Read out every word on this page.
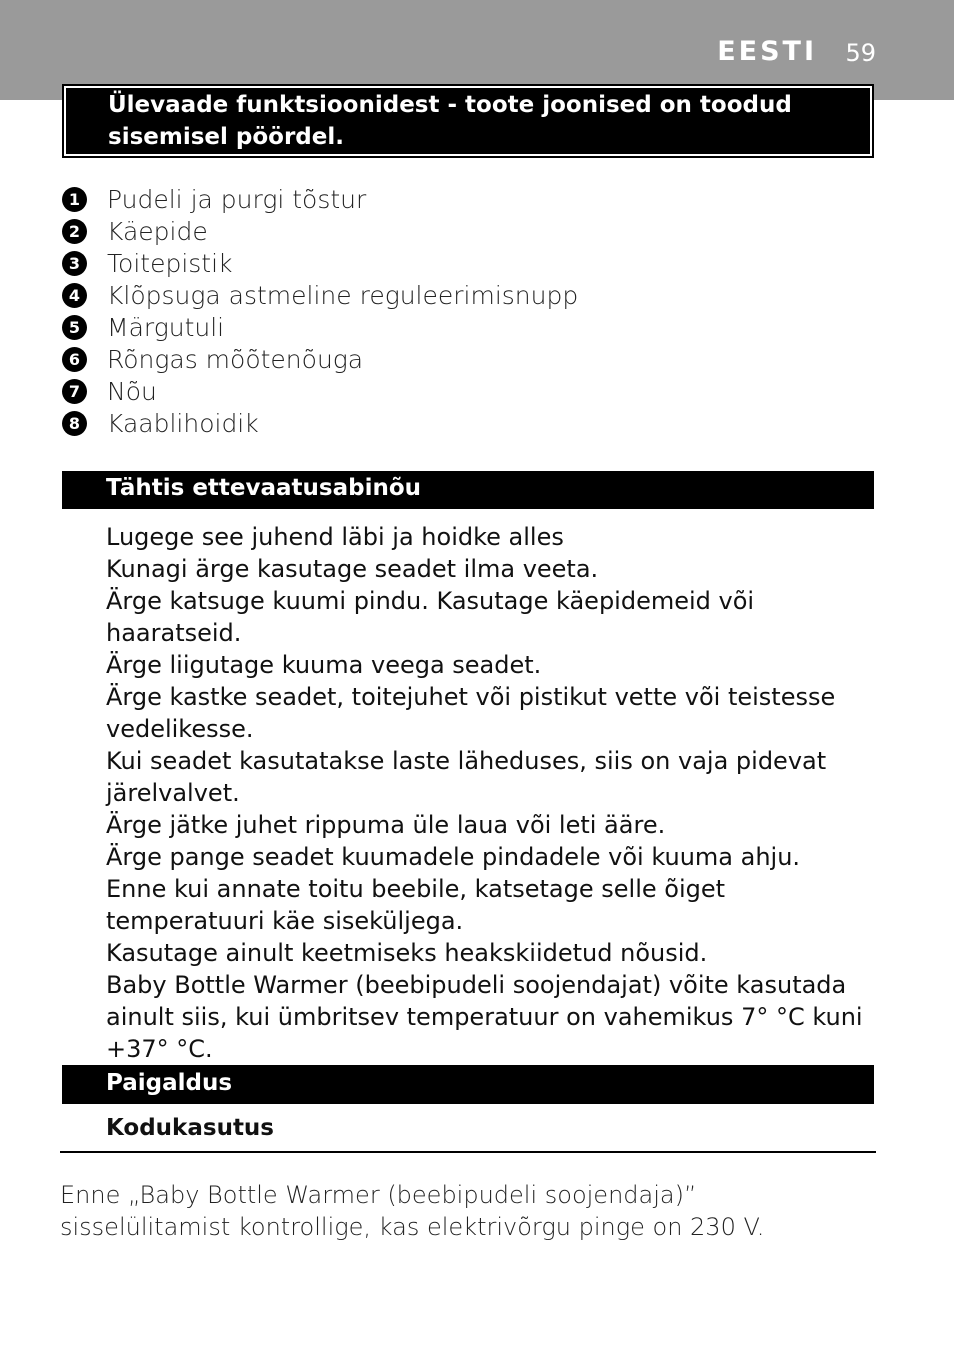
EESTI 59
Ülevaade funktsioonidest - toote joonised on toodud sisemisel pöördel.
1 Pudeli ja purgi tõstur
2 Käepide
3 Toitepistik
4 Klõpsuga astmeline reguleerimisnupp
5 Märgutuli
6 Rõngas mõõtenõuga
7 Nõu
8 Kaablihoidik
Tähtis ettevaatusabinõu
Lugege see juhend läbi ja hoidke alles
Kunagi ärge kasutage seadet ilma veeta.
Ärge katsuge kuumi pindu. Kasutage käepidemeid või haaratseid.
Ärge liigutage kuuma veega seadet.
Ärge kastke seadet, toitejuhet või pistikut vette või teistesse vedelikesse.
Kui seadet kasutatakse laste läheduses, siis on vaja pidevat järelvalvet.
Ärge jätke juhet rippuma üle laua või leti ääre.
Ärge pange seadet kuumadele pindadele või kuuma ahju.
Enne kui annate toitu beebile, katsetage selle õiget temperatuuri käe siseküljega.
Kasutage ainult keetmiseks heakskiidetud nõusid.
Baby Bottle Warmer (beebipudeli soojendajat) võite kasutada ainult siis, kui ümbritsev temperatuur on vahemikus 7° °C kuni +37° °C.
Paigaldus
Kodukasutus
Enne „Baby Bottle Warmer (beebipudeli soojendaja)” sisselülitamist kontrollige, kas elektrivõrgu pinge on 230 V.
